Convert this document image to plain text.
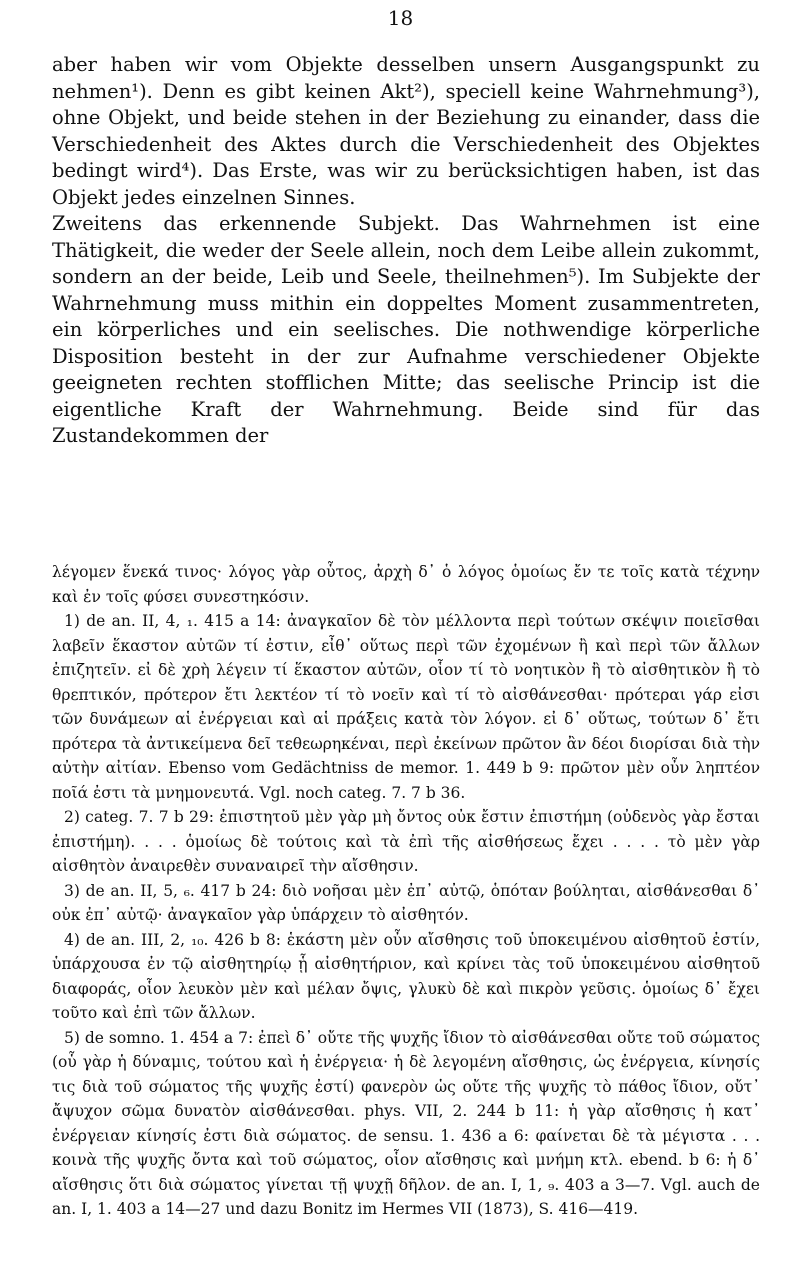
18

aber haben wir vom Objekte desselben unsern Ausgangspunkt zu nehmen¹). Denn es gibt keinen Akt²), speciell keine Wahrnehmung³), ohne Objekt, und beide stehen in der Beziehung zu einander, dass die Verschiedenheit des Aktes durch die Verschiedenheit des Objektes bedingt wird⁴). Das Erste, was wir zu berücksichtigen haben, ist das Objekt jedes einzelnen Sinnes.

Zweitens das erkennende Subjekt. Das Wahrnehmen ist eine Thätigkeit, die weder der Seele allein, noch dem Leibe allein zukommt, sondern an der beide, Leib und Seele, theilnehmen⁵). Im Subjekte der Wahrnehmung muss mithin ein doppeltes Moment zusammentreten, ein körperliches und ein seelisches. Die nothwendige körperliche Disposition besteht in der zur Aufnahme verschiedener Objekte geeigneten rechten stofflichen Mitte; das seelische Princip ist die eigentliche Kraft der Wahrnehmung. Beide sind für das Zustandekommen der

λέγομεν ἕνεκά τινος· λόγος γὰρ οὗτος, ἀρχὴ δ᾿ ὁ λόγος ὁμοίως ἔν τε τοῖς κατὰ τέχνην καὶ ἐν τοῖς φύσει συνεστηκόσιν.

1) de an. II, 4, ₁. 415 a 14: ἀναγκαῖον δὲ τὸν μέλλοντα περὶ τούτων σκέψιν ποιεῖσθαι λαβεῖν ἕκαστον αὐτῶν τί ἐστιν, εἶθ᾿ οὕτως περὶ τῶν ἐχομένων ἢ καὶ περὶ τῶν ἄλλων ἐπιζητεῖν. εἰ δὲ χρὴ λέγειν τί ἕκαστον αὐτῶν, οἷον τί τὸ νοητικὸν ἢ τὸ αἰσθητικὸν ἢ τὸ θρεπτικόν, πρότερον ἔτι λεκτέον τί τὸ νοεῖν καὶ τί τὸ αἰσθάνεσθαι· πρότεραι γάρ εἰσι τῶν δυνάμεων αἱ ἐνέργειαι καὶ αἱ πράξεις κατὰ τὸν λόγον. εἰ δ᾿ οὕτως, τούτων δ᾿ ἔτι πρότερα τὰ ἀντικείμενα δεῖ τεθεωρηκέναι, περὶ ἐκείνων πρῶτον ἂν δέοι διορίσαι διὰ τὴν αὐτὴν αἰτίαν. Ebenso vom Gedächtniss de memor. 1. 449 b 9: πρῶτον μὲν οὖν ληπτέον ποῖά ἐστι τὰ μνημονευτά. Vgl. noch categ. 7. 7 b 36.

2) categ. 7. 7 b 29: ἐπιστητοῦ μὲν γὰρ μὴ ὄντος οὐκ ἔστιν ἐπιστήμη (οὐδενὸς γὰρ ἔσται ἐπιστήμη). . . . ὁμοίως δὲ τούτοις καὶ τὰ ἐπὶ τῆς αἰσθήσεως ἔχει . . . . τὸ μὲν γὰρ αἰσθητὸν ἀναιρεθὲν συναναιρεῖ τὴν αἴσθησιν.

3) de an. II, 5, ₆. 417 b 24: διὸ νοῆσαι μὲν ἐπ᾿ αὐτῷ, ὁπόταν βούληται, αἰσθάνεσθαι δ᾿ οὐκ ἐπ᾿ αὐτῷ· ἀναγκαῖον γὰρ ὑπάρχειν τὸ αἰσθητόν.

4) de an. III, 2, ₁₀. 426 b 8: ἑκάστη μὲν οὖν αἴσθησις τοῦ ὑποκειμένου αἰσθητοῦ ἐστίν, ὑπάρχουσα ἐν τῷ αἰσθητηρίῳ ᾗ αἰσθητήριον, καὶ κρίνει τὰς τοῦ ὑποκειμένου αἰσθητοῦ διαφοράς, οἷον λευκὸν μὲν καὶ μέλαν ὄψις, γλυκὺ δὲ καὶ πικρὸν γεῦσις. ὁμοίως δ᾿ ἔχει τοῦτο καὶ ἐπὶ τῶν ἄλλων.

5) de somno. 1. 454 a 7: ἐπεὶ δ᾿ οὔτε τῆς ψυχῆς ἴδιον τὸ αἰσθάνεσθαι οὔτε τοῦ σώματος (οὗ γὰρ ἡ δύναμις, τούτου καὶ ἡ ἐνέργεια· ἡ δὲ λεγομένη αἴσθησις, ὡς ἐνέργεια, κίνησίς τις διὰ τοῦ σώματος τῆς ψυχῆς ἐστί) φανερὸν ὡς οὔτε τῆς ψυχῆς τὸ πάθος ἴδιον, οὔτ᾿ ἄψυχον σῶμα δυνατὸν αἰσθάνεσθαι. phys. VII, 2. 244 b 11: ἡ γὰρ αἴσθησις ἡ κατ᾿ ἐνέργειαν κίνησίς ἐστι διὰ σώματος. de sensu. 1. 436 a 6: φαίνεται δὲ τὰ μέγιστα . . . κοινὰ τῆς ψυχῆς ὄντα καὶ τοῦ σώματος, οἷον αἴσθησις καὶ μνήμη κτλ. ebend. b 6: ἡ δ᾿ αἴσθησις ὅτι διὰ σώματος γίνεται τῇ ψυχῇ δῆλον. de an. I, 1, ₉. 403 a 3—7. Vgl. auch de an. I, 1. 403 a 14—27 und dazu Bonitz im Hermes VII (1873), S. 416—419.
